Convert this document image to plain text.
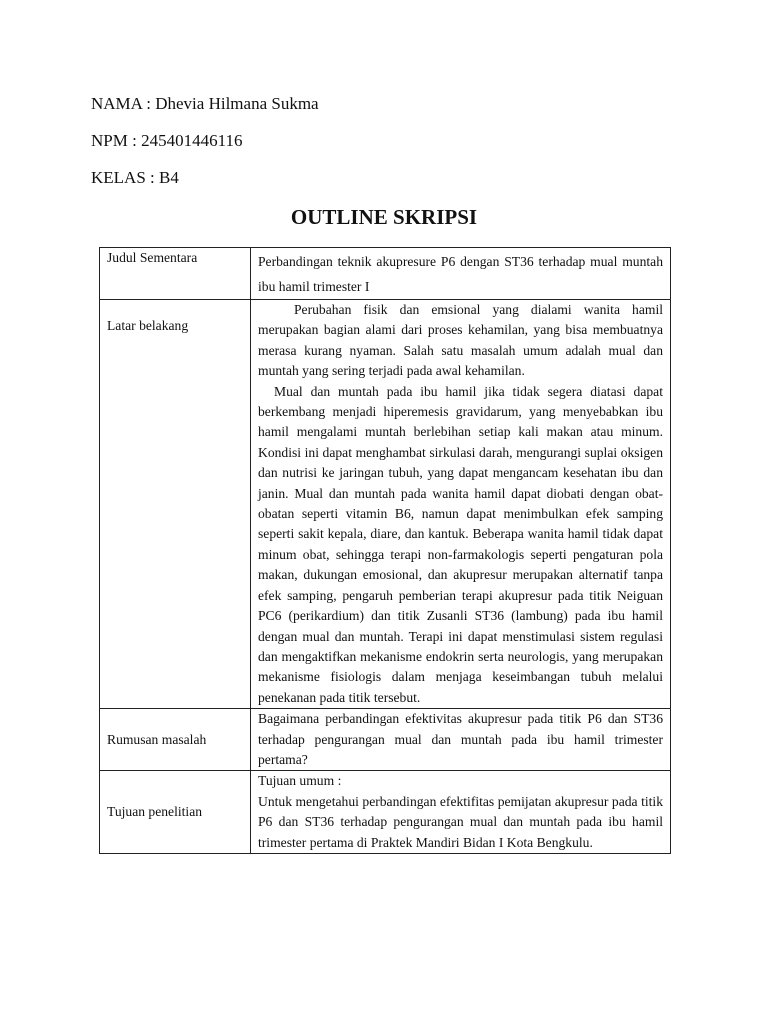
NAMA : Dhevia Hilmana Sukma
NPM : 245401446116
KELAS : B4
OUTLINE SKRIPSI
Judul Sementara	Perbandingan teknik akupresure P6 dengan ST36 terhadap mual muntah ibu hamil trimester I

Latar belakang	Perubahan fisik dan emsional yang dialami wanita hamil merupakan bagian alami dari proses kehamilan, yang bisa membuatnya merasa kurang nyaman. Salah satu masalah umum adalah mual dan muntah yang sering terjadi pada awal kehamilan.

Mual dan muntah pada ibu hamil jika tidak segera diatasi dapat berkembang menjadi hiperemesis gravidarum, yang menyebabkan ibu hamil mengalami muntah berlebihan setiap kali makan atau minum. Kondisi ini dapat menghambat sirkulasi darah, mengurangi suplai oksigen dan nutrisi ke jaringan tubuh, yang dapat mengancam kesehatan ibu dan janin. Mual dan muntah pada wanita hamil dapat diobati dengan obat-obatan seperti vitamin B6, namun dapat menimbulkan efek samping seperti sakit kepala, diare, dan kantuk. Beberapa wanita hamil tidak dapat minum obat, sehingga terapi non-farmakologis seperti pengaturan pola makan, dukungan emosional, dan akupresur merupakan alternatif tanpa efek samping, pengaruh pemberian terapi akupresur pada titik Neiguan PC6 (perikardium) dan titik Zusanli ST36 (lambung) pada ibu hamil dengan mual dan muntah. Terapi ini dapat menstimulasi sistem regulasi dan mengaktifkan mekanisme endokrin serta neurologis, yang merupakan mekanisme fisiologis dalam menjaga keseimbangan tubuh melalui penekanan pada titik tersebut.

Rumusan masalah	Bagaimana perbandingan efektivitas akupresur pada titik P6 dan ST36 terhadap pengurangan mual dan muntah pada ibu hamil trimester pertama?

Tujuan penelitian	Tujuan umum :

Untuk mengetahui perbandingan efektifitas pemijatan akupresur pada titik P6 dan ST36 terhadap pengurangan mual dan muntah pada ibu hamil trimester pertama di Praktek Mandiri Bidan I Kota Bengkulu.
